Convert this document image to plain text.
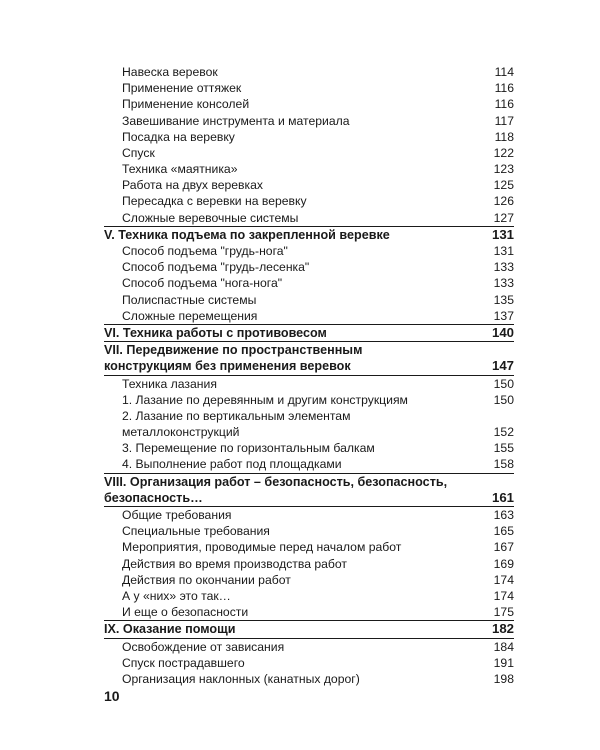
Навеска веревок	114
Применение оттяжек	116
Применение консолей	116
Завешивание инструмента и материала	117
Посадка на веревку	118
Спуск	122
Техника «маятника»	123
Работа на двух веревках	125
Пересадка с веревки на веревку	126
Сложные веревочные системы	127
V. Техника подъема по закрепленной веревке	131
Способ подъема "грудь-нога"	131
Способ подъема "грудь-лесенка"	133
Способ подъема "нога-нога"	133
Полиспастные системы	135
Сложные перемещения	137
VI. Техника работы с противовесом	140
VII. Передвижение по пространственным
конструкциям без применения веревок	147
Техника лазания	150
1. Лазание по деревянным и другим конструкциям	150
2. Лазание по вертикальным элементам
металлоконструкций	152
3. Перемещение по горизонтальным балкам	155
4. Выполнение работ под площадками	158
VIII. Организация работ – безопасность, безопасность,
безопасность…	161
Общие требования	163
Специальные требования	165
Мероприятия, проводимые перед началом работ	167
Действия во время производства работ	169
Действия по окончании работ	174
А у «них» это так…	174
И еще о безопасности	175
IX. Оказание помощи	182
Освобождение от зависания	184
Спуск пострадавшего	191
Организация наклонных (канатных дорог)	198
10
